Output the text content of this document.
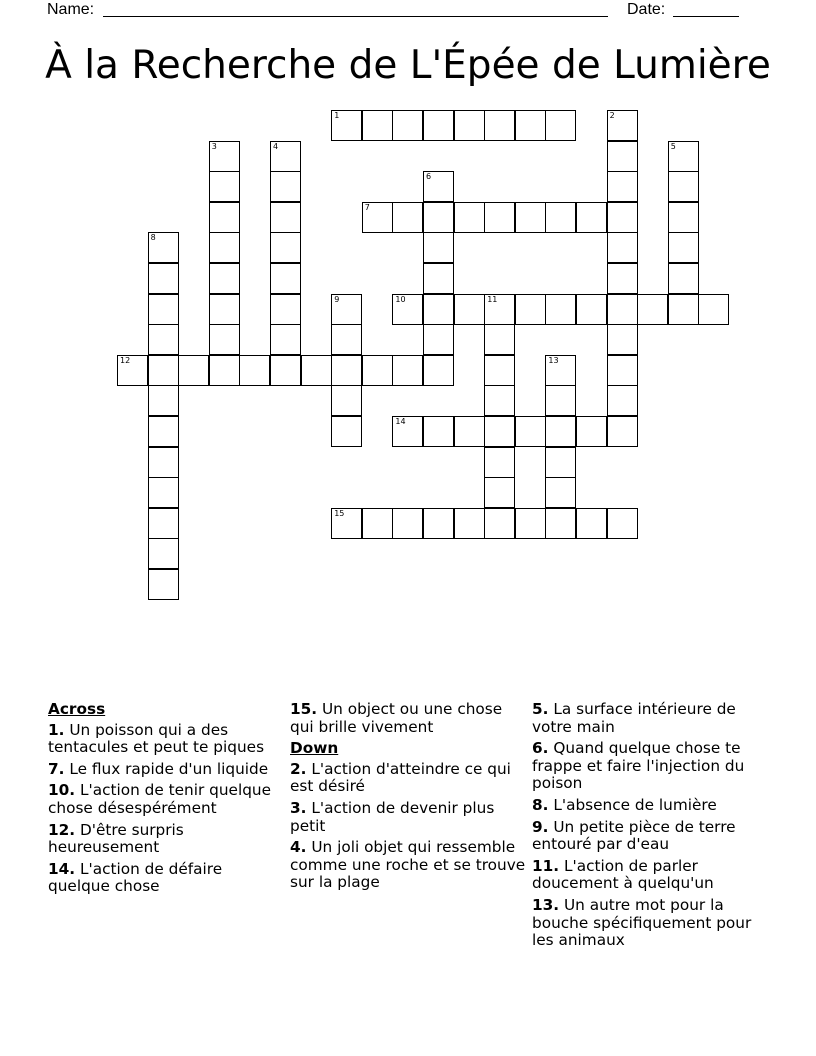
Name:	Date:
À la Recherche de L'Épée de Lumière
1
7
10	11
12
14
15
2
3	4	5
6
8
9
13
Across
1. Un poisson qui a des tentacules et peut te piques
7. Le flux rapide d'un liquide
10. L'action de tenir quelque chose désespérément
12. D'être surpris heureusement
14. L'action de défaire quelque chose
15. Un object ou une chose qui brille vivement
Down
2. L'action d'atteindre ce qui est désiré
3. L'action de devenir plus petit
4. Un joli objet qui ressemble comme une roche et se trouve sur la plage
5. La surface intérieure de votre main
6. Quand quelque chose te frappe et faire l'injection du poison
8. L'absence de lumière
9. Un petite pièce de terre entouré par d'eau
11. L'action de parler doucement à quelqu'un
13. Un autre mot pour la bouche spécifiquement pour les animaux
